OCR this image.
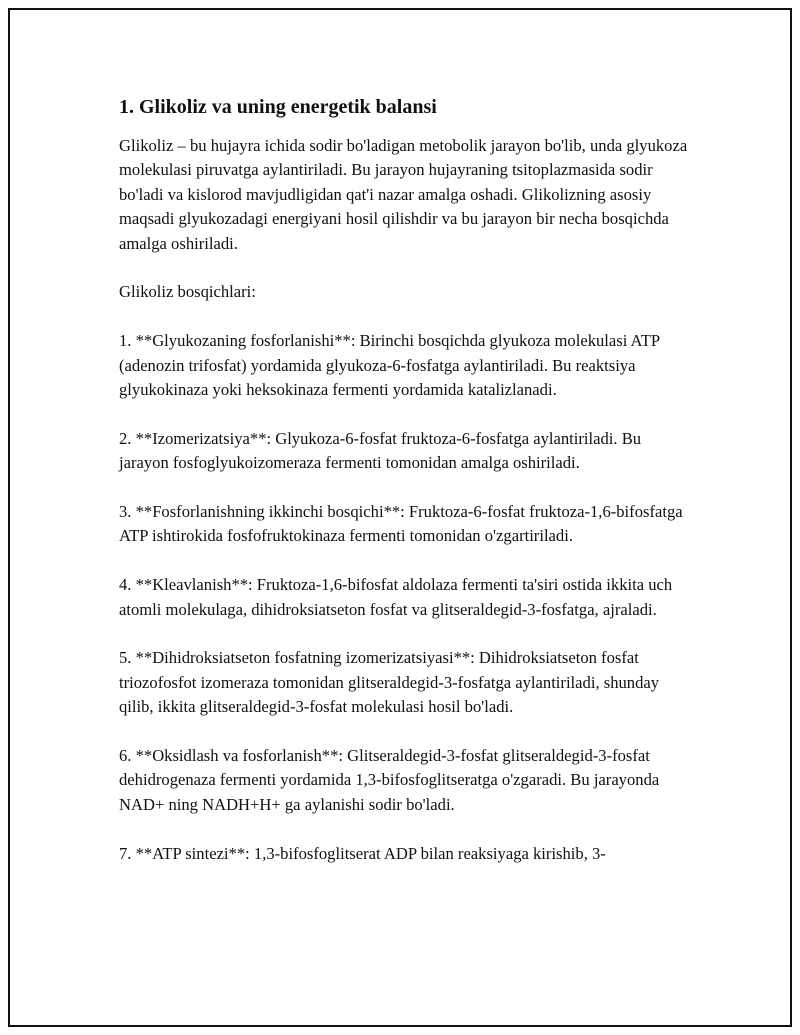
1. Glikoliz va uning energetik balansi

Glikoliz – bu hujayra ichida sodir bo'ladigan metobolik jarayon bo'lib, unda glyukoza molekulasi piruvatga aylantiriladi. Bu jarayon hujayraning tsitoplazmasida sodir bo'ladi va kislorod mavjudligidan qat'i nazar amalga oshadi. Glikolizning asosiy maqsadi glyukozadagi energiyani hosil qilishdir va bu jarayon bir necha bosqichda amalga oshiriladi.

Glikoliz bosqichlari:

1. **Glyukozaning fosforlanishi**: Birinchi bosqichda glyukoza molekulasi ATP (adenozin trifosfat) yordamida glyukoza-6-fosfatga aylantiriladi. Bu reaktsiya glyukokinaza yoki heksokinaza fermenti yordamida katalizlanadi.

2. **Izomerizatsiya**: Glyukoza-6-fosfat fruktoza-6-fosfatga aylantiriladi. Bu jarayon fosfoglyukoizomeraza fermenti tomonidan amalga oshiriladi.

3. **Fosforlanishning ikkinchi bosqichi**: Fruktoza-6-fosfat fruktoza-1,6-bifosfatga ATP ishtirokida fosfofruktokinaza fermenti tomonidan o'zgartiriladi.

4. **Kleavlanish**: Fruktoza-1,6-bifosfat aldolaza fermenti ta'siri ostida ikkita uch atomli molekulaga, dihidroksiatseton fosfat va glitseraldegid-3-fosfatga, ajraladi.

5. **Dihidroksiatseton fosfatning izomerizatsiyasi**: Dihidroksiatseton fosfat triozofosfot izomeraza tomonidan glitseraldegid-3-fosfatga aylantiriladi, shunday qilib, ikkita glitseraldegid-3-fosfat molekulasi hosil bo'ladi.

6. **Oksidlash va fosforlanish**: Glitseraldegid-3-fosfat glitseraldegid-3-fosfat dehidrogenaza fermenti yordamida 1,3-bifosfoglitseratga o'zgaradi. Bu jarayonda NAD+ ning NADH+H+ ga aylanishi sodir bo'ladi.

7. **ATP sintezi**: 1,3-bifosfoglitserat ADP bilan reaksiyaga kirishib, 3-
